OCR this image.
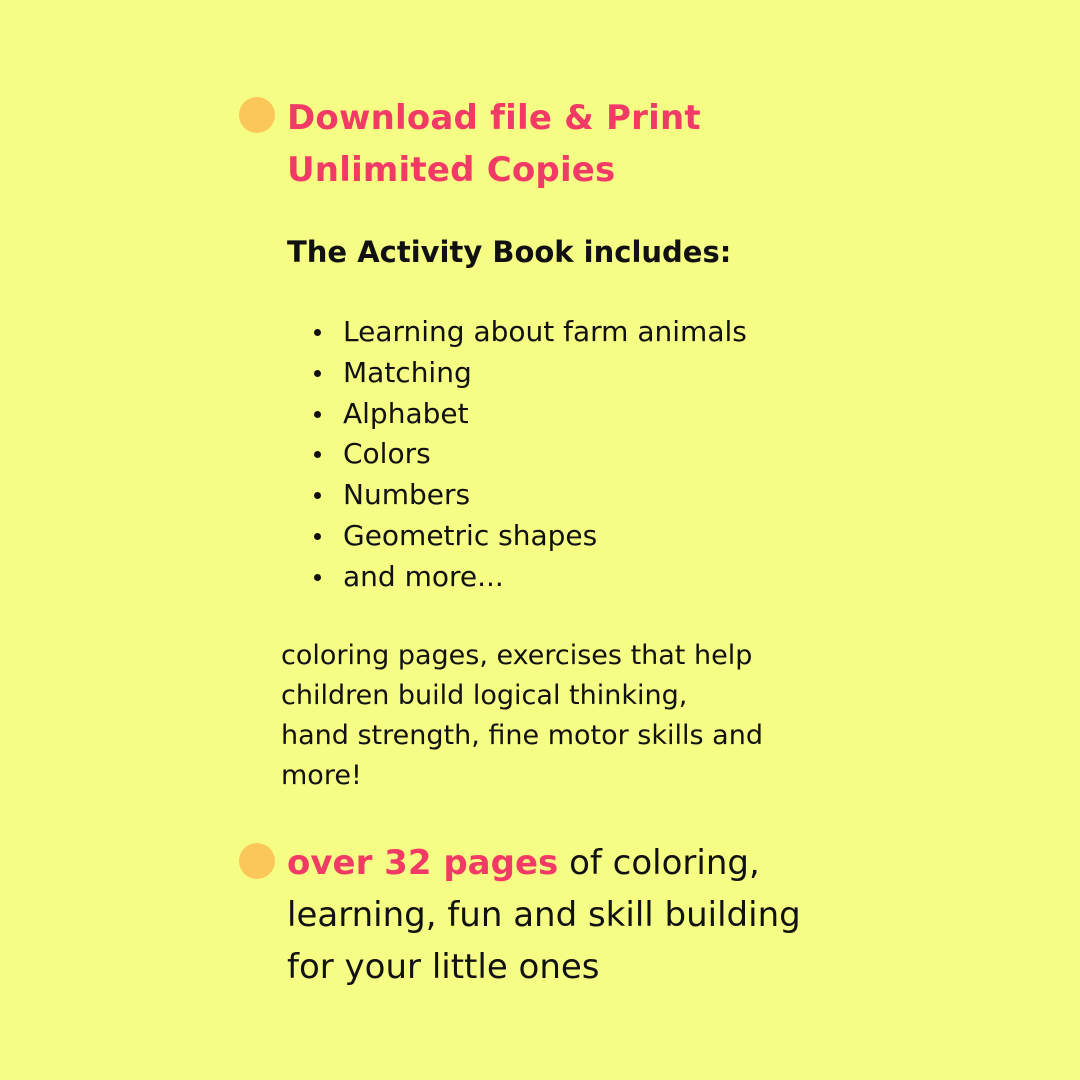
Download file & Print
Unlimited Copies
The Activity Book includes:
Learning about farm animals
Matching
Alphabet
Colors
Numbers
Geometric shapes
and more...

coloring pages, exercises that help
children build logical thinking,
hand strength, fine motor skills and
more!

over 32 pages of coloring,
learning, fun and skill building
for your little ones
